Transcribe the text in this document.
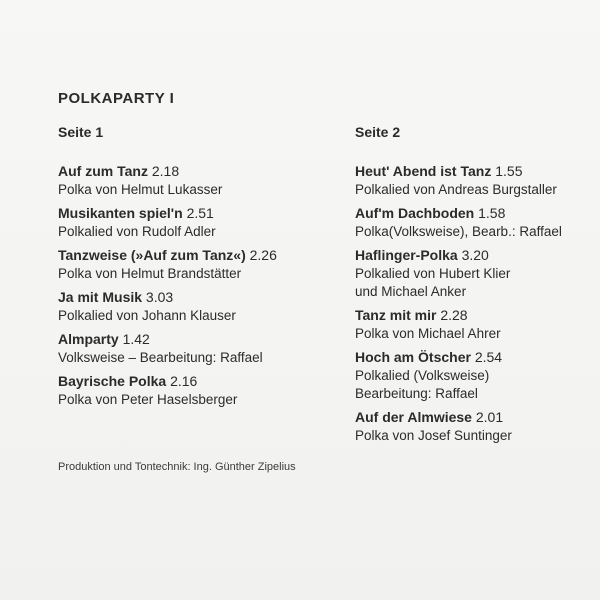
POLKAPARTY I
Seite 1	Seite 2
Auf zum Tanz 2.18
Polka von Helmut Lukasser
Musikanten spiel'n 2.51
Polkalied von Rudolf Adler
Tanzweise (»Auf zum Tanz«) 2.26
Polka von Helmut Brandstätter
Ja mit Musik 3.03
Polkalied von Johann Klauser
Almparty 1.42
Volksweise – Bearbeitung: Raffael
Bayrische Polka 2.16
Polka von Peter Haselsberger
Heut' Abend ist Tanz 1.55
Polkalied von Andreas Burgstaller
Auf'm Dachboden 1.58
Polka(Volksweise), Bearb.: Raffael
Haflinger-Polka 3.20
Polkalied von Hubert Klier
und Michael Anker
Tanz mit mir 2.28
Polka von Michael Ahrer
Hoch am Ötscher 2.54
Polkalied (Volksweise)
Bearbeitung: Raffael
Auf der Almwiese 2.01
Polka von Josef Suntinger
Produktion und Tontechnik: Ing. Günther Zipelius
